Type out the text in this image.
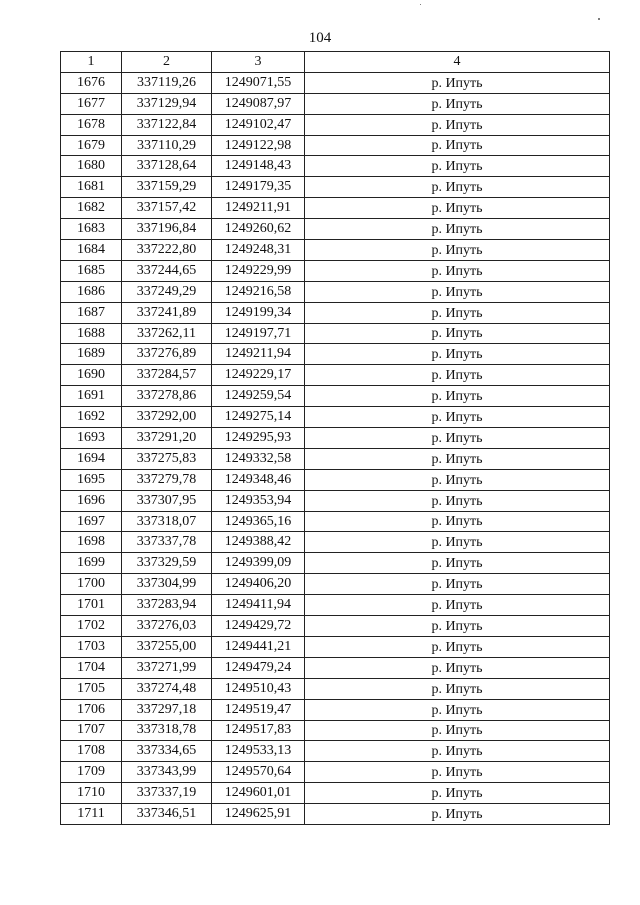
104
1	2	3	4
1676	337119,26	1249071,55	р. Ипуть
1677	337129,94	1249087,97	р. Ипуть
1678	337122,84	1249102,47	р. Ипуть
1679	337110,29	1249122,98	р. Ипуть
1680	337128,64	1249148,43	р. Ипуть
1681	337159,29	1249179,35	р. Ипуть
1682	337157,42	1249211,91	р. Ипуть
1683	337196,84	1249260,62	р. Ипуть
1684	337222,80	1249248,31	р. Ипуть
1685	337244,65	1249229,99	р. Ипуть
1686	337249,29	1249216,58	р. Ипуть
1687	337241,89	1249199,34	р. Ипуть
1688	337262,11	1249197,71	р. Ипуть
1689	337276,89	1249211,94	р. Ипуть
1690	337284,57	1249229,17	р. Ипуть
1691	337278,86	1249259,54	р. Ипуть
1692	337292,00	1249275,14	р. Ипуть
1693	337291,20	1249295,93	р. Ипуть
1694	337275,83	1249332,58	р. Ипуть
1695	337279,78	1249348,46	р. Ипуть
1696	337307,95	1249353,94	р. Ипуть
1697	337318,07	1249365,16	р. Ипуть
1698	337337,78	1249388,42	р. Ипуть
1699	337329,59	1249399,09	р. Ипуть
1700	337304,99	1249406,20	р. Ипуть
1701	337283,94	1249411,94	р. Ипуть
1702	337276,03	1249429,72	р. Ипуть
1703	337255,00	1249441,21	р. Ипуть
1704	337271,99	1249479,24	р. Ипуть
1705	337274,48	1249510,43	р. Ипуть
1706	337297,18	1249519,47	р. Ипуть
1707	337318,78	1249517,83	р. Ипуть
1708	337334,65	1249533,13	р. Ипуть
1709	337343,99	1249570,64	р. Ипуть
1710	337337,19	1249601,01	р. Ипуть
1711	337346,51	1249625,91	р. Ипуть
